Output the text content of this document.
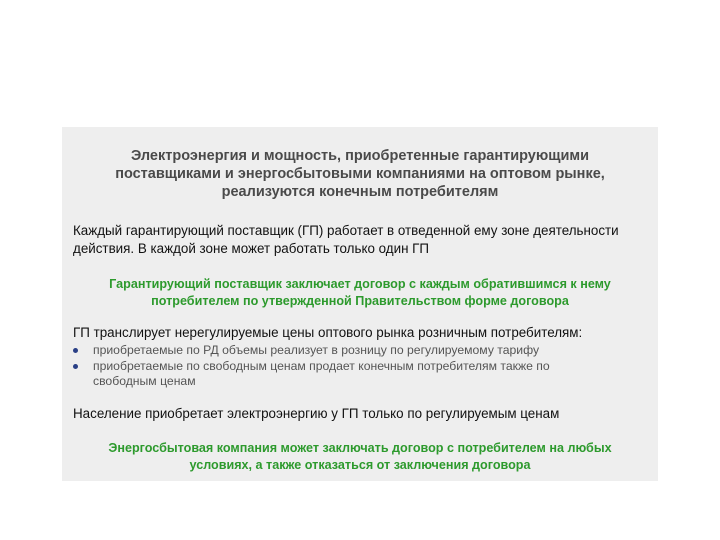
Электроэнергия и мощность, приобретенные гарантирующими
поставщиками и энергосбытовыми компаниями на оптовом рынке,
реализуются конечным потребителям
Каждый гарантирующий поставщик (ГП) работает в отведенной ему зоне деятельности
действия. В каждой зоне может работать только один ГП
Гарантирующий поставщик заключает договор с каждым обратившимся к нему
потребителем по утвержденной Правительством форме договора
ГП транслирует нерегулируемые цены оптового рынка розничным потребителям:
приобретаемые по РД объемы реализует в розницу по регулируемому тарифу
приобретаемые по свободным ценам продает конечным потребителям также по
свободным ценам
Население приобретает электроэнергию у ГП только по регулируемым ценам
Энергосбытовая компания может заключать договор с потребителем на любых
условиях, а также отказаться от заключения договора
